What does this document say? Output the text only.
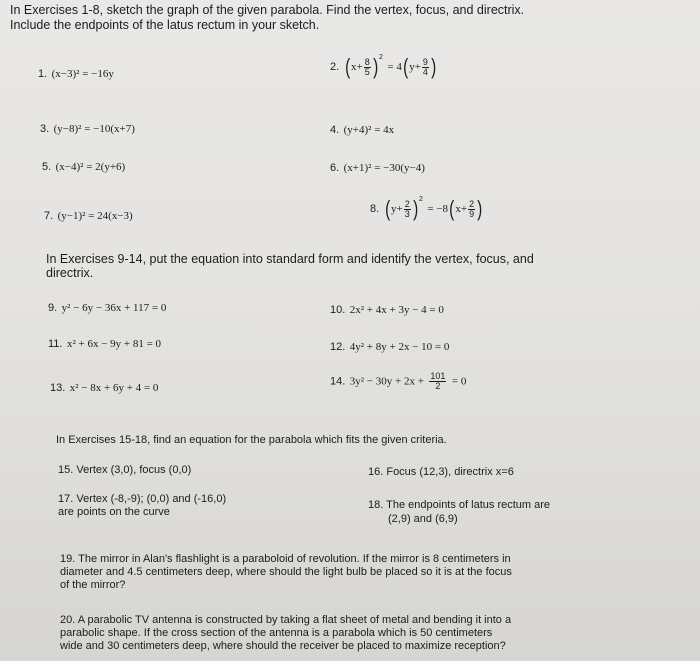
In Exercises 1-8, sketch the graph of the given parabola. Find the vertex, focus, and directrix.
Include the endpoints of the latus rectum in your sketch.
1. (x−3)² = −16y
2. $(x+ \frac{8}{5} )^2 = 4(y+ \frac{9}{4}$ )
3. (y−8)² = −10(x+7)	4. (y+4)² = 4x
5. (x−4)² = 2(y+6)	6. (x+1)² = −30(y−4)
7. (y−1)² = 24(x−3)
8. $(y+ \frac{2}{3} )^2 = -8(x+ \frac{2}{9}$ )
In Exercises 9-14, put the equation into standard form and identify the vertex, focus, and
directrix.
9. y² − 6y − 36x + 117 = 0	10. 2x² + 4x + 3y − 4 = 0
11. x² + 6x − 9y + 81 = 0	12. 4y² + 8y + 2x − 10 = 0
13. x² − 8x + 6y + 4 = 0
14. $3y^2 - 30y + 2x + \frac{101}{2} = 0$
In Exercises 15-18, find an equation for the parabola which fits the given criteria.
15. Vertex (3,0), focus (0,0)	16. Focus (12,3), directrix x=6
17. Vertex (-8,-9); (0,0) and (-16,0)
are points on the curve
18. The endpoints of latus rectum are
(2,9) and (6,9)
19. The mirror in Alan's flashlight is a paraboloid of revolution. If the mirror is 8 centimeters in
diameter and 4.5 centimeters deep, where should the light bulb be placed so it is at the focus
of the mirror?
20. A parabolic TV antenna is constructed by taking a flat sheet of metal and bending it into a
parabolic shape. If the cross section of the antenna is a parabola which is 50 centimeters
wide and 30 centimeters deep, where should the receiver be placed to maximize reception?
